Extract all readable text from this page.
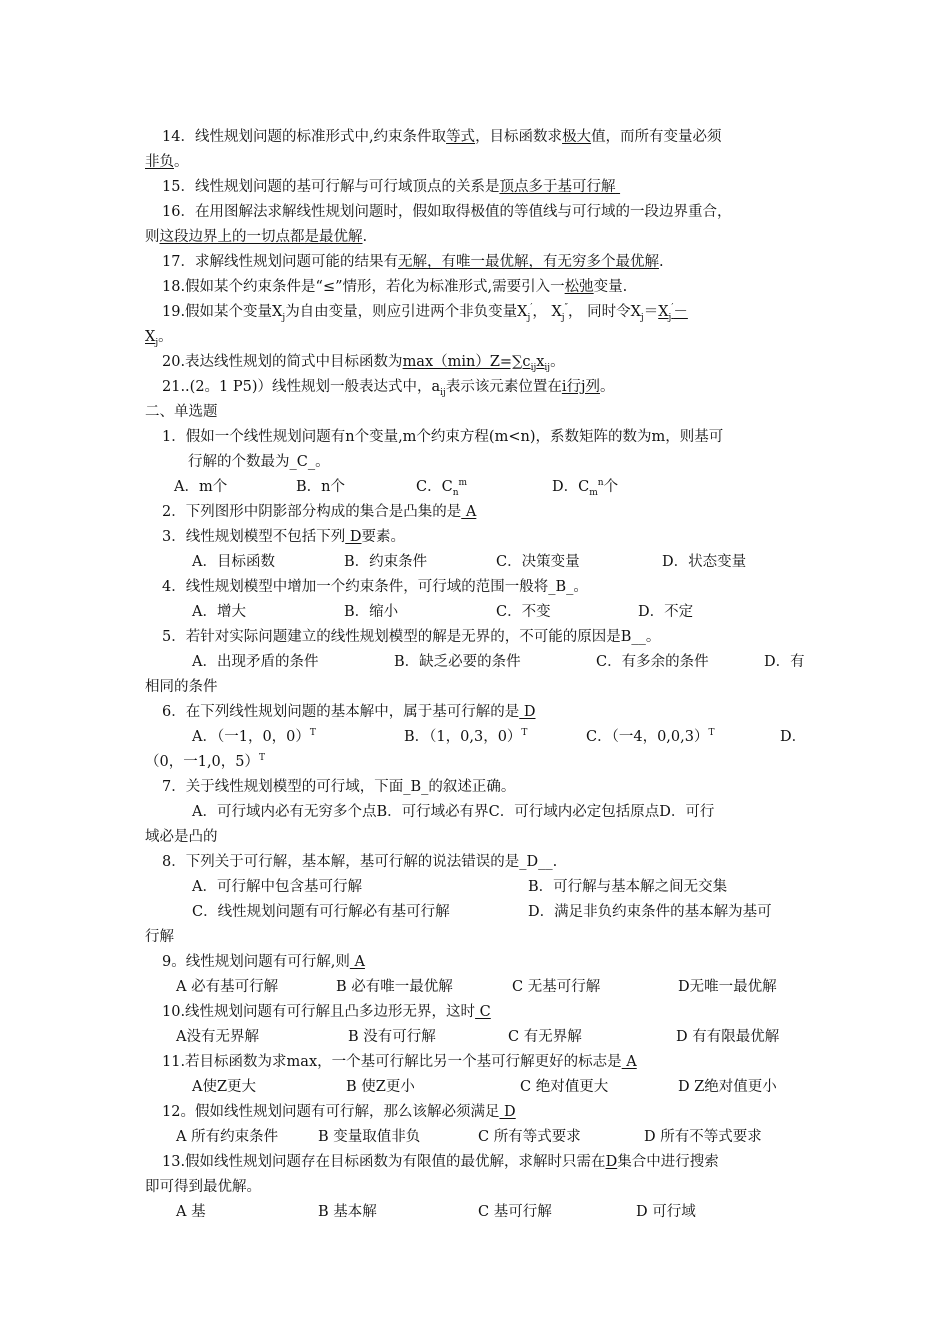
14．线性规划问题的标准形式中,约束条件取等式，目标函数求极大值，而所有变量必须
非负。
15．线性规划问题的基可行解与可行域顶点的关系是顶点多于基可行解
16．在用图解法求解线性规划问题时，假如取得极值的等值线与可行域的一段边界重合，
则这段边界上的一切点都是最优解.
17．求解线性规划问题可能的结果有无解，有唯一最优解，有无穷多个最优解.
18.假如某个约束条件是“≤”情形，若化为标准形式,需要引入一松弛变量.
19.假如某个变量$X_j$为自由变量，则应引进两个非负变量$X_j'$， $X_j''$， 同时令$X_j=X_j'-$
$X_j$。
20.表达线性规划的简式中目标函数为$\max(\min)Z=\sum c_{ij}x_{ij}$。
21..(2。1 P5)）线性规划一般表达式中，$a_{ij}$表示该元素位置在i行j列。
二、单选题
1．假如一个线性规划问题有n个变量,m个约束方程(m<n)，系数矩阵的数为m，则基可
行解的个数最为_C_。
A．m个	B．n个	C．$C_n^m$	D．$C_m^n$个
2．下列图形中阴影部分构成的集合是凸集的是 A
3．线性规划模型不包括下列 D要素。
A．目标函数	B．约束条件	C．决策变量	D．状态变量
4．线性规划模型中增加一个约束条件，可行域的范围一般将_B_。
A．增大	B．缩小	C．不变	D．不定
5．若针对实际问题建立的线性规划模型的解是无界的，不可能的原因是B__。
A．出现矛盾的条件	B．缺乏必要的条件	C．有多余的条件	D．有
相同的条件
6．在下列线性规划问题的基本解中，属于基可行解的是 D
A．（一1，0，0）$^T$	B．（1，0,3，0）$^T$	C．（一4，0,0,3）$^T$	D．
（0，一1,0，5）$^T$
7．关于线性规划模型的可行域，下面_B_的叙述正确。
A．可行域内必有无穷多个点B．可行域必有界C．可行域内必定包括原点D．可行
域必是凸的
8．下列关于可行解，基本解，基可行解的说法错误的是_D__.
A．可行解中包含基可行解	B．可行解与基本解之间无交集
C．线性规划问题有可行解必有基可行解	D．满足非负约束条件的基本解为基可
行解
9。线性规划问题有可行解,则 A
A 必有基可行解	B 必有唯一最优解	C 无基可行解	D无唯一最优解
10.线性规划问题有可行解且凸多边形无界，这时 C
A没有无界解	B 没有可行解	C 有无界解	D 有有限最优解
11.若目标函数为求max，一个基可行解比另一个基可行解更好的标志是 A
A使Z更大	B 使Z更小	C 绝对值更大	D Z绝对值更小
12。假如线性规划问题有可行解，那么该解必须满足 D
A 所有约束条件	B 变量取值非负	C 所有等式要求	D 所有不等式要求
13.假如线性规划问题存在目标函数为有限值的最优解，求解时只需在D集合中进行搜索
即可得到最优解。
A 基	B 基本解	C 基可行解	D 可行域
